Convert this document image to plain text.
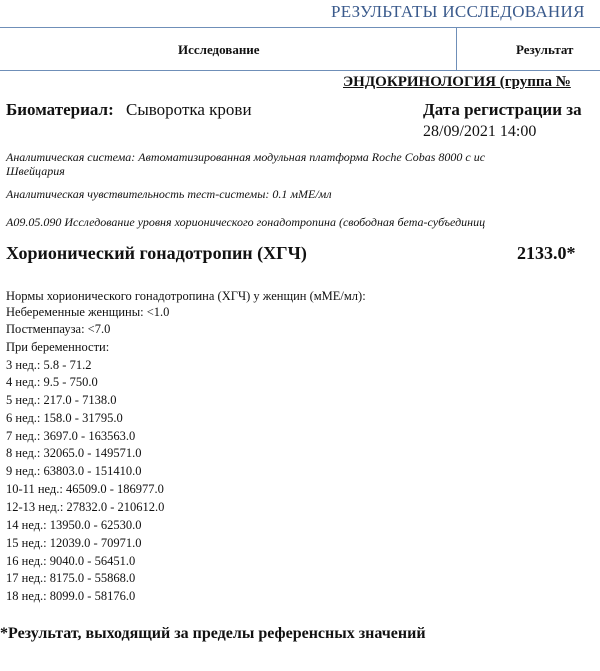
РЕЗУЛЬТАТЫ ИССЛЕДОВАНИЯ
Исследование	Результат
ЭНДОКРИНОЛОГИЯ (группа №
Биоматериал: Сыворотка крови	Дата регистрации за
28/09/2021 14:00
Аналитическая система: Автоматизированная модульная платформа Roche Cobas 8000 с ис
Швейцария
Аналитическая чувствительность тест-системы: 0.1 мМЕ/мл
A09.05.090 Исследование уровня хорионического гонадотропина (свободная бета-субъединиц
Хорионический гонадотропин (ХГЧ)	2133.0*
Нормы хорионического гонадотропина (ХГЧ) у женщин (мМЕ/мл):
Небеременные женщины: <1.0
Постменпауза: <7.0
При беременности:
3 нед.: 5.8 - 71.2
4 нед.: 9.5 - 750.0
5 нед.: 217.0 - 7138.0
6 нед.: 158.0 - 31795.0
7 нед.: 3697.0 - 163563.0
8 нед.: 32065.0 - 149571.0
9 нед.: 63803.0 - 151410.0
10-11 нед.: 46509.0 - 186977.0
12-13 нед.: 27832.0 - 210612.0
14 нед.: 13950.0 - 62530.0
15 нед.: 12039.0 - 70971.0
16 нед.: 9040.0 - 56451.0
17 нед.: 8175.0 - 55868.0
18 нед.: 8099.0 - 58176.0
*Результат, выходящий за пределы референсных значений
